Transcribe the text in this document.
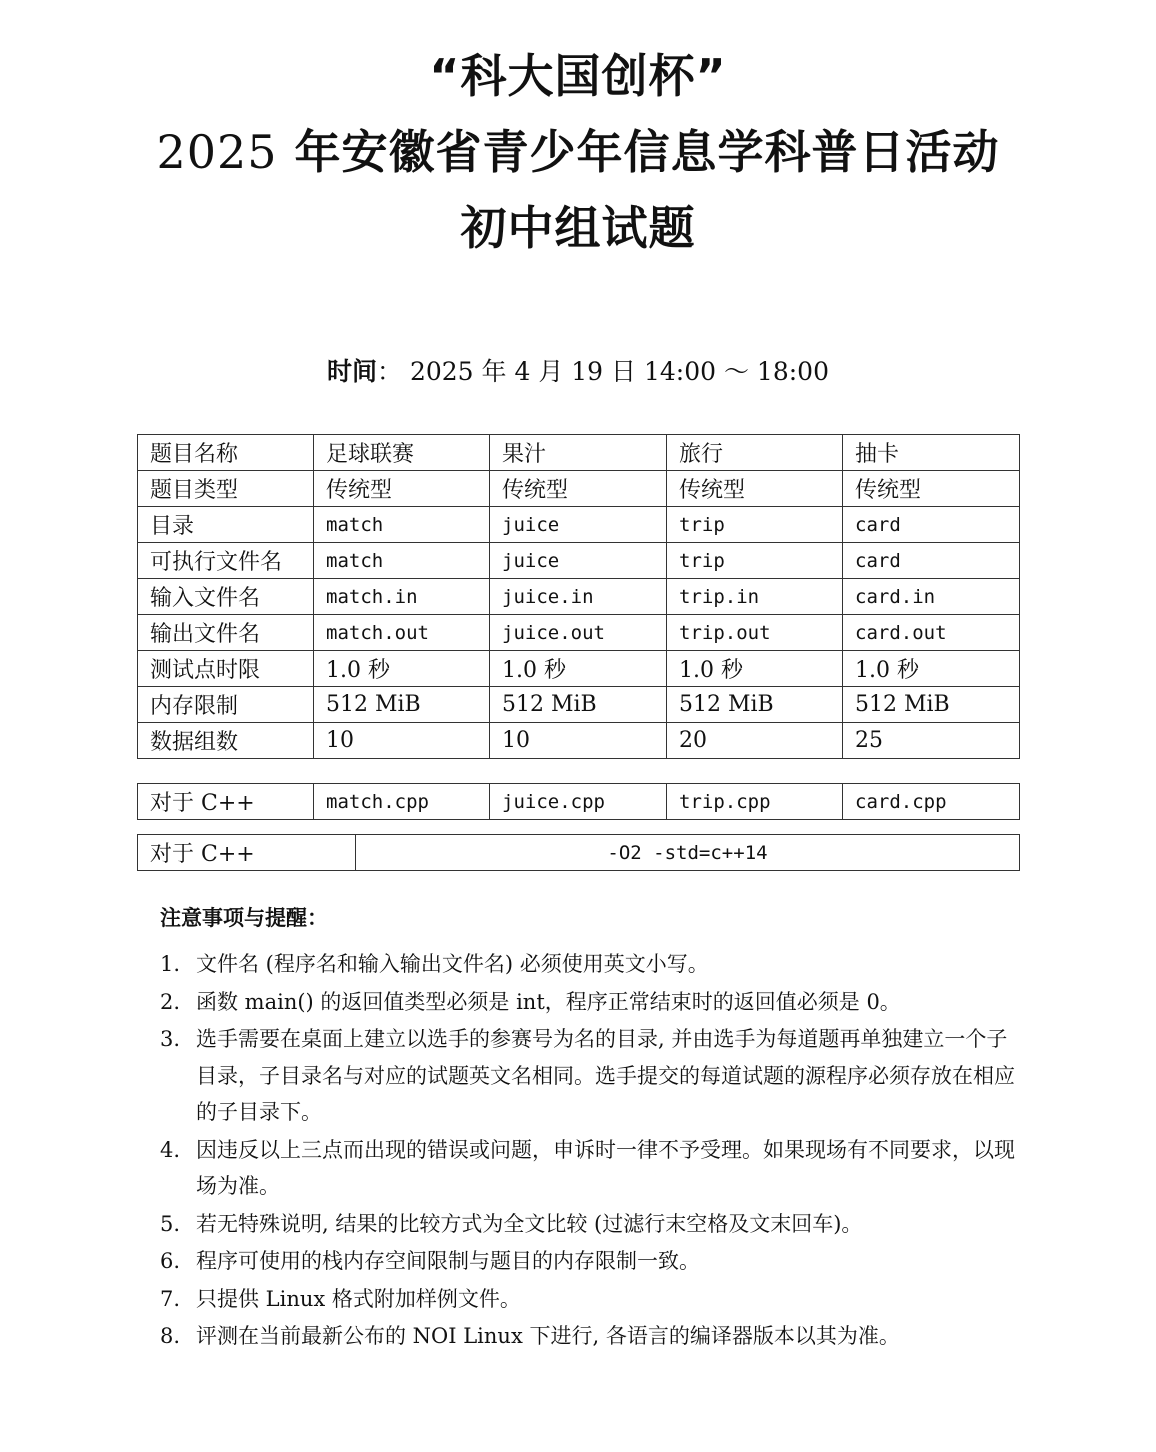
“科大国创杯”
2025 年安徽省青少年信息学科普日活动
初中组试题
时间： 2025 年 4 月 19 日 14:00 ～ 18:00
题目名称	足球联赛	果汁	旅行	抽卡
题目类型	传统型	传统型	传统型	传统型
目录	match	juice	trip	card
可执行文件名	match	juice	trip	card
输入文件名	match.in	juice.in	trip.in	card.in
输出文件名	match.out	juice.out	trip.out	card.out
测试点时限	1.0 秒	1.0 秒	1.0 秒	1.0 秒
内存限制	512 MiB	512 MiB	512 MiB	512 MiB
数据组数	10	10	20	25
对于 C++	match.cpp	juice.cpp	trip.cpp	card.cpp
对于 C++	-O2 -std=c++14
注意事项与提醒：
1. 文件名 (程序名和输入输出文件名) 必须使用英文小写。
2. 函数 main() 的返回值类型必须是 int，程序正常结束时的返回值必须是 0。
3. 选手需要在桌面上建立以选手的参赛号为名的目录, 并由选手为每道题再单独建立一个子目录，子目录名与对应的试题英文名相同。选手提交的每道试题的源程序必须存放在相应的子目录下。
4. 因违反以上三点而出现的错误或问题，申诉时一律不予受理。如果现场有不同要求，以现场为准。
5. 若无特殊说明, 结果的比较方式为全文比较 (过滤行末空格及文末回车)。
6. 程序可使用的栈内存空间限制与题目的内存限制一致。
7. 只提供 Linux 格式附加样例文件。
8. 评测在当前最新公布的 NOI Linux 下进行, 各语言的编译器版本以其为准。
